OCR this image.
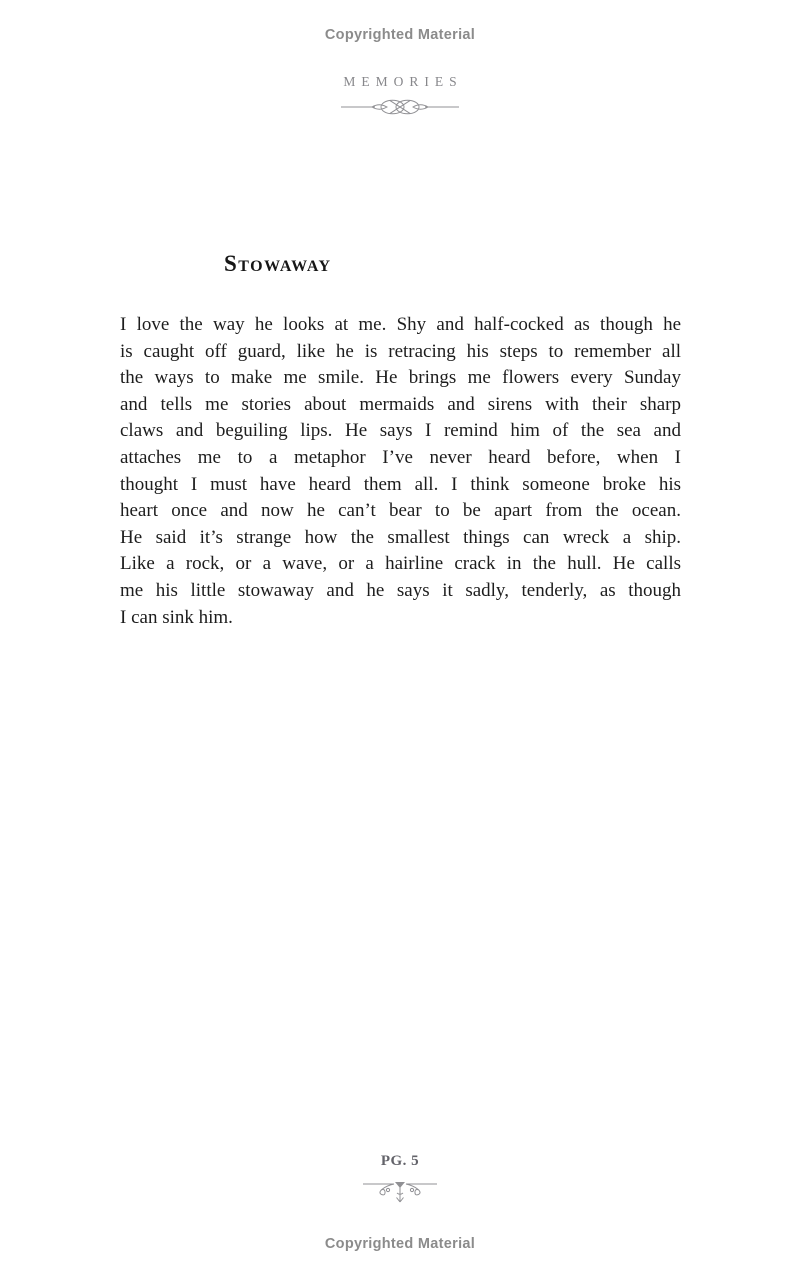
Copyrighted Material
MEMORIES
Stowaway
I love the way he looks at me. Shy and half-cocked as though he
is caught off guard, like he is retracing his steps to remember all
the ways to make me smile. He brings me flowers every Sunday
and tells me stories about mermaids and sirens with their sharp
claws and beguiling lips. He says I remind him of the sea and
attaches me to a metaphor I’ve never heard before, when I
thought I must have heard them all. I think someone broke his
heart once and now he can’t bear to be apart from the ocean.
He said it’s strange how the smallest things can wreck a ship.
Like a rock, or a wave, or a hairline crack in the hull. He calls
me his little stowaway and he says it sadly, tenderly, as though
I can sink him.
PG. 5
Copyrighted Material
